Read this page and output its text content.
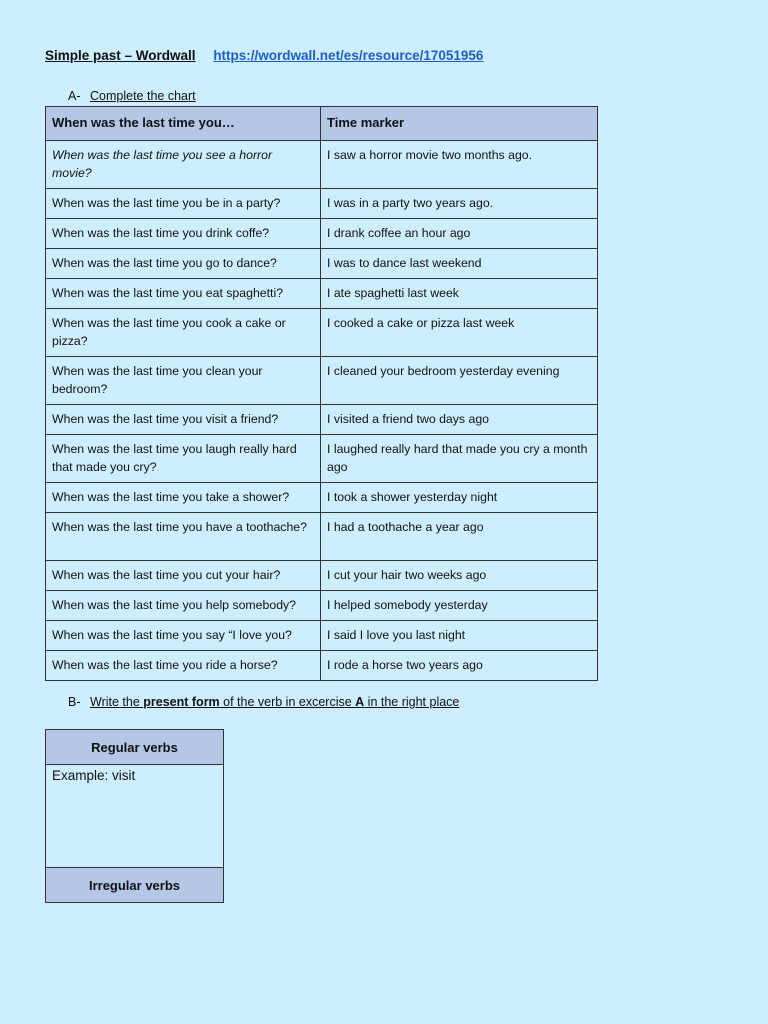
Simple past – Wordwall https://wordwall.net/es/resource/17051956
A- Complete the chart
When was the last time you…	Time marker
When was the last time you see a horror movie?	I saw a horror movie two months ago.
When was the last time you be in a party?	I was in a party two years ago.
When was the last time you drink coffe?	I drank coffee an hour ago
When was the last time you go to dance?	I was to dance last weekend
When was the last time you eat spaghetti?	I ate spaghetti last week
When was the last time you cook a cake or pizza?	I cooked a cake or pizza last week
When was the last time you clean your bedroom?	I cleaned your bedroom yesterday evening
When was the last time you visit a friend?	I visited a friend two days ago
When was the last time you laugh really hard that made you cry?	I laughed really hard that made you cry a month ago
When was the last time you take a shower?	I took a shower yesterday night
When was the last time you have a toothache?	I had a toothache a year ago
When was the last time you cut your hair?	I cut your hair two weeks ago
When was the last time you help somebody?	I helped somebody yesterday
When was the last time you say “I love you?	I said I love you last night
When was the last time you ride a horse?	I rode a horse two years ago
B- Write the present form of the verb in excercise A in the right place
Regular verbs
Example: visit
Irregular verbs
